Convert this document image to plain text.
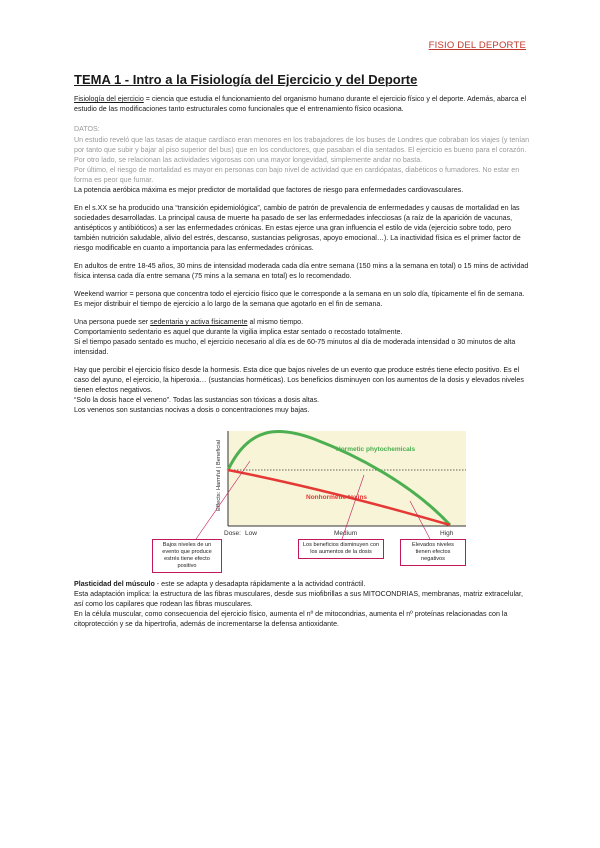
FISIO DEL DEPORTE
TEMA 1 - Intro a la Fisiología del Ejercicio y del Deporte

Fisiología del ejercicio = ciencia que estudia el funcionamiento del organismo humano durante el ejercicio físico y el deporte. Además, abarca el estudio de las modificaciones tanto estructurales como funcionales que el entrenamiento físico ocasiona.

DATOS:
Un estudio reveló que las tasas de ataque cardíaco eran menores en los trabajadores de los buses de Londres que cobraban los viajes (y tenían por tanto que subir y bajar al piso superior del bus) que en los conductores, que pasaban el día sentados. El ejercicio es bueno para el corazón.
Por otro lado, se relacionan las actividades vigorosas con una mayor longevidad, simplemente andar no basta.
Por último, el riesgo de mortalidad es mayor en personas con bajo nivel de actividad que en cardiópatas, diabéticos o fumadores. No estar en forma es peor que fumar.

La potencia aeróbica máxima es mejor predictor de mortalidad que factores de riesgo para enfermedades cardiovasculares.

En el s.XX se ha producido una “transición epidemiológica”, cambio de patrón de prevalencia de enfermedades y causas de mortalidad en las sociedades desarrolladas. La principal causa de muerte ha pasado de ser las enfermedades infecciosas (a raíz de la aparición de vacunas, antisépticos y antibióticos) a ser las enfermedades crónicas. En estas ejerce una gran influencia el estilo de vida (ejercicio sobre todo, pero también nutrición saludable, alivio del estrés, descanso, sustancias peligrosas, apoyo emocional…). La inactividad física es el primer factor de riesgo modificable en cuanto a importancia para las enfermedades crónicas.

En adultos de entre 18-45 años, 30 mins de intensidad moderada cada día entre semana (150 mins a la semana en total) o 15 mins de actividad física intensa cada día entre semana (75 mins a la semana en total) es lo recomendado.

Weekend warrior = persona que concentra todo el ejercicio físico que le corresponde a la semana en un solo día, típicamente el fin de semana.

Es mejor distribuir el tiempo de ejercicio a lo largo de la semana que agotarlo en el fin de semana.

Una persona puede ser sedentaria y activa físicamente al mismo tiempo.
Comportamiento sedentario es aquel que durante la vigilia implica estar sentado o recostado totalmente.

Si el tiempo pasado sentado es mucho, el ejercicio necesario al día es de 60-75 minutos al día de moderada intensidad o 30 minutos de alta intensidad.

Hay que percibir el ejercicio físico desde la hormesis. Esta dice que bajos niveles de un evento que produce estrés tiene efecto positivo. Es el caso del ayuno, el ejercicio, la hiperoxia… (sustancias horméticas). Los beneficios disminuyen con los aumentos de la dosis y elevados niveles tienen efectos negativos.
“Solo la dosis hace el veneno”. Todas las sustancias son tóxicas a dosis altas.
Los venenos son sustancias nocivas a dosis o concentraciones muy bajas.
Hormetic phytochemicals
Nonhormetic toxins
Effects: Harmful | Beneficial
Dose: Low	Medium	High
Bajos niveles de un evento que produce estrés tiene efecto positivo
Los beneficios disminuyen con los aumentos de la dosis
Elevados niveles tienen efectos negativos
Plasticidad del músculo - este se adapta y desadapta rápidamente a la actividad contráctil.
Esta adaptación implica: la estructura de las fibras musculares, desde sus miofibrillas a sus MITOCONDRIAS, membranas, matriz extracelular, así como los capilares que rodean las fibras musculares.
En la célula muscular, como consecuencia del ejercicio físico, aumenta el nº de mitocondrias, aumenta el nº proteínas relacionadas con la citoprotección y se da hipertrofia, además de incrementarse la defensa antioxidante.
